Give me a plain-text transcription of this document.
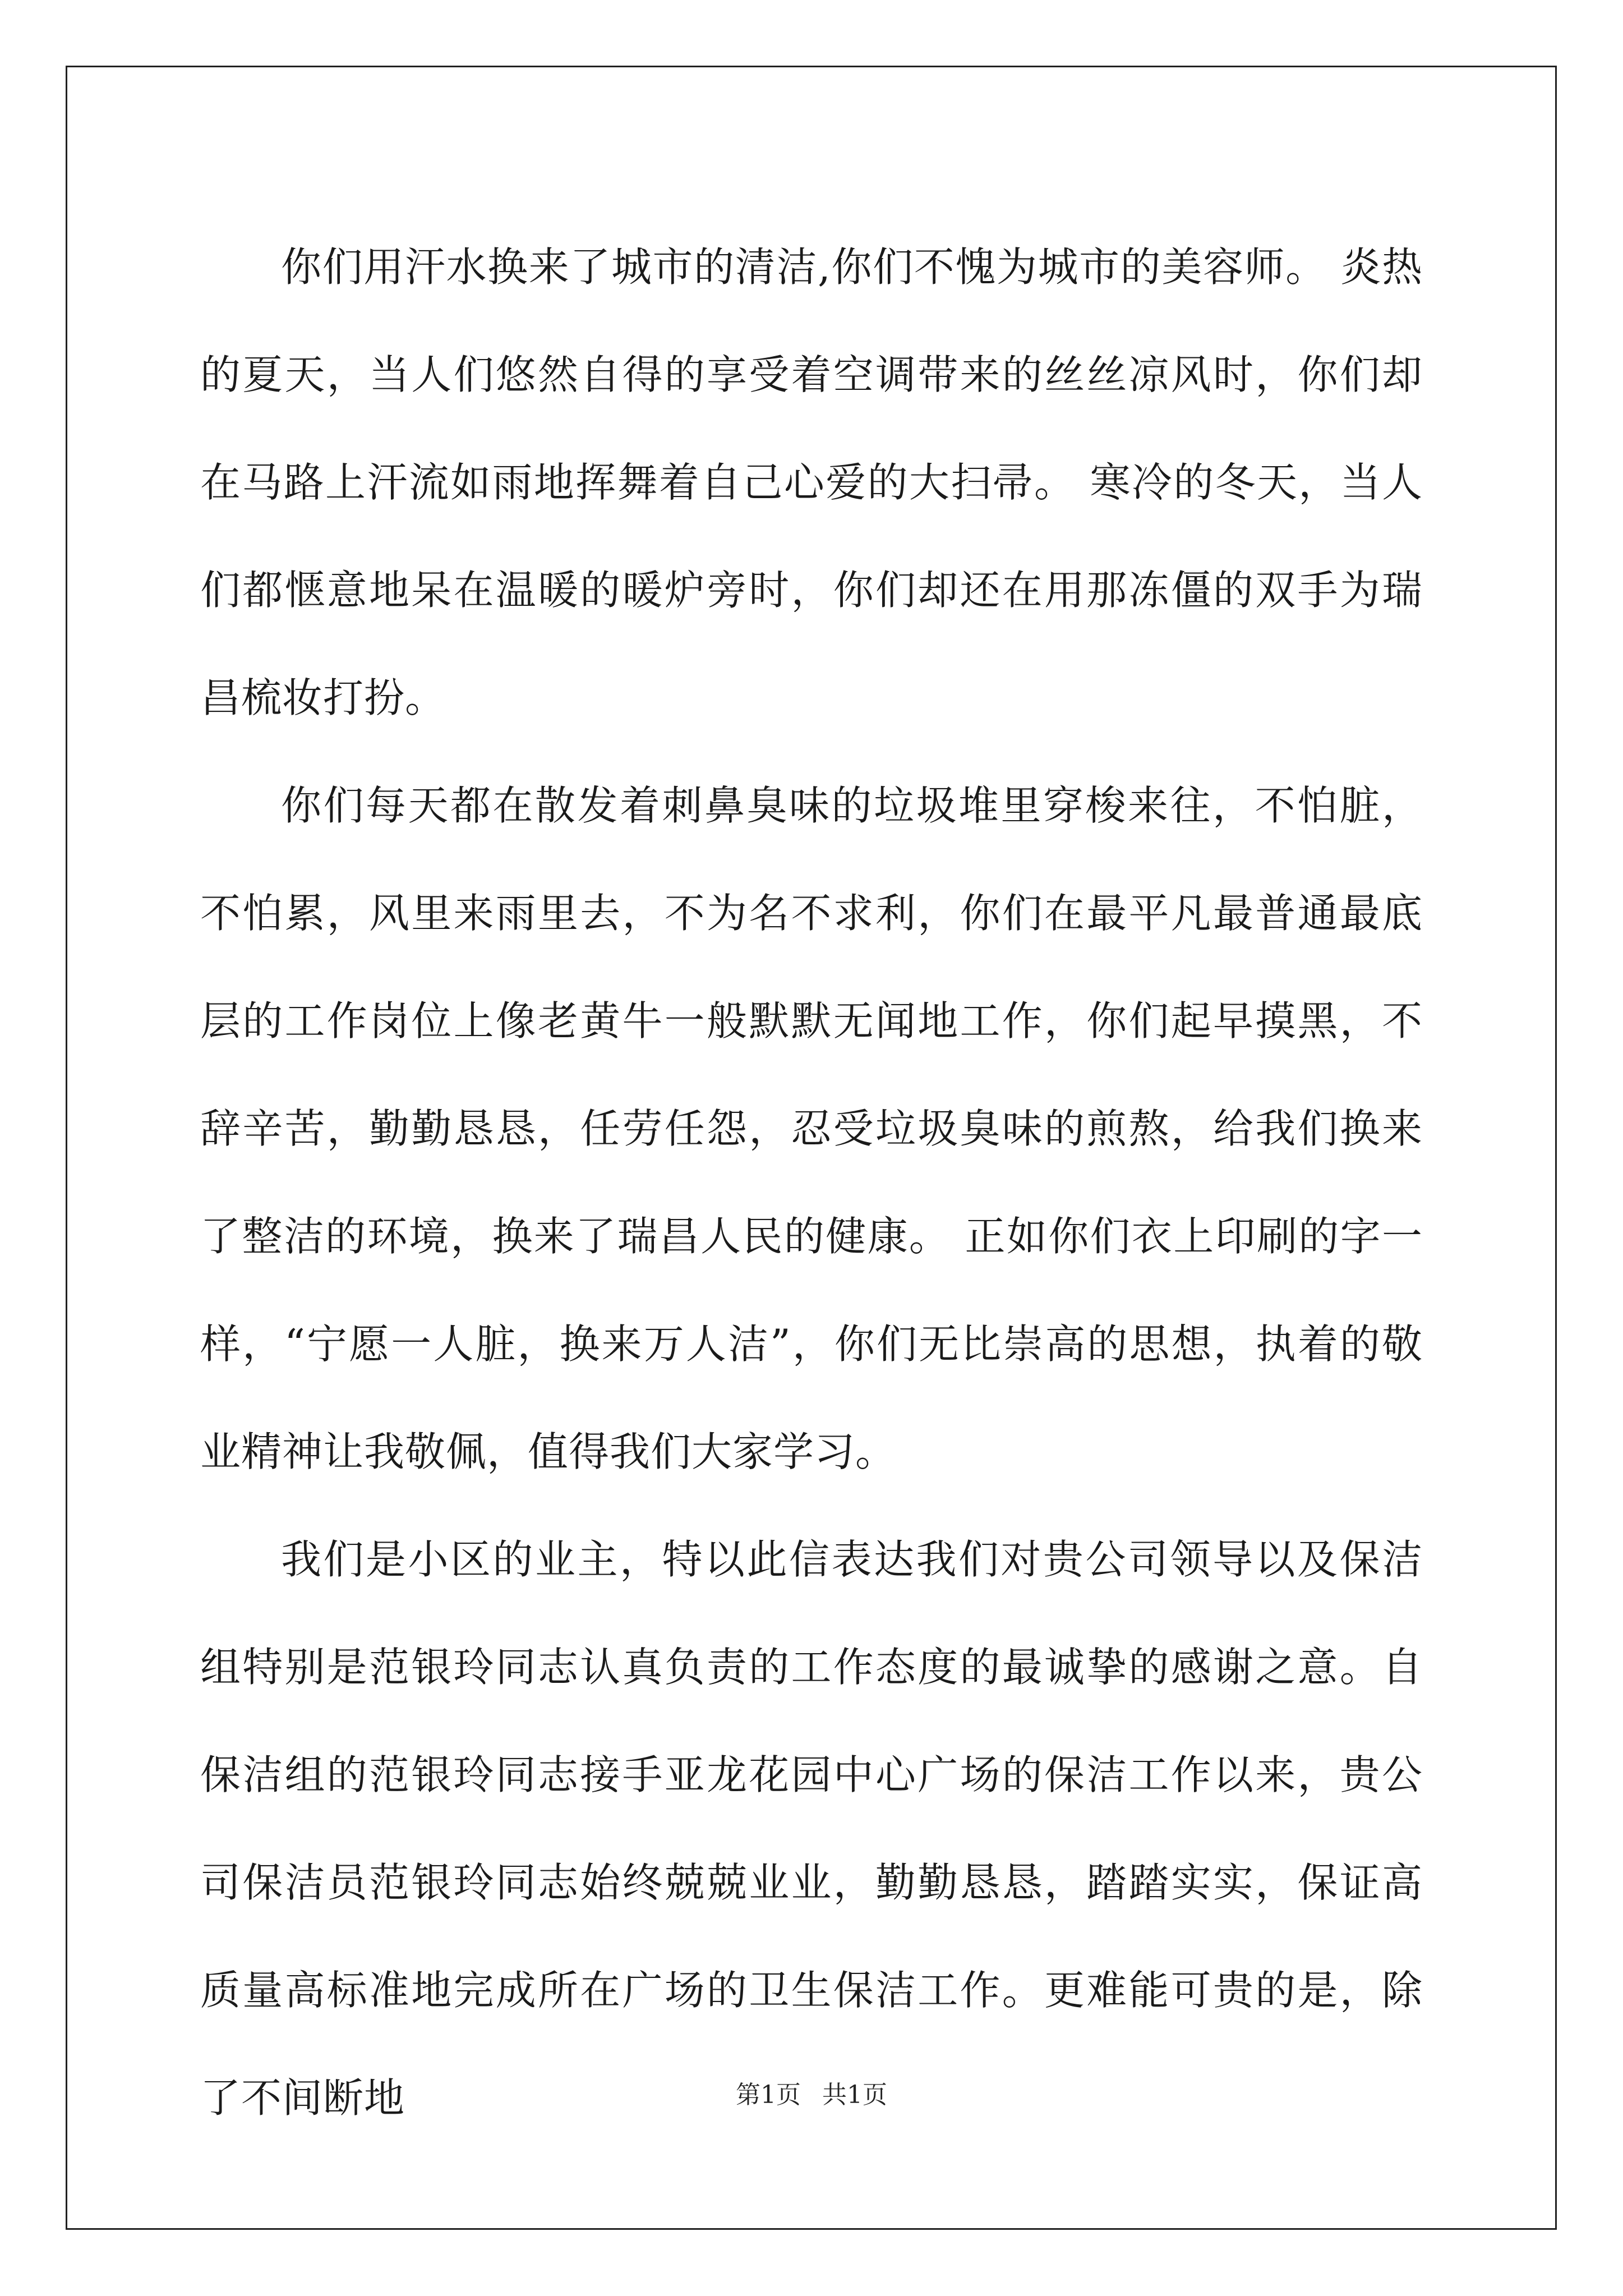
你们用汗水换来了城市的清洁,你们不愧为城市的美容师。 炎热的夏天，当人们悠然自得的享受着空调带来的丝丝凉风时，你们却在马路上汗流如雨地挥舞着自己心爱的大扫帚。 寒冷的冬天，当人们都惬意地呆在温暖的暖炉旁时，你们却还在用那冻僵的双手为瑞昌梳妆打扮。

你们每天都在散发着刺鼻臭味的垃圾堆里穿梭来往，不怕脏，不怕累，风里来雨里去，不为名不求利，你们在最平凡最普通最底层的工作岗位上像老黄牛一般默默无闻地工作，你们起早摸黑，不辞辛苦，勤勤恳恳，任劳任怨，忍受垃圾臭味的煎熬，给我们换来了整洁的环境，换来了瑞昌人民的健康。 正如你们衣上印刷的字一样，“宁愿一人脏，换来万人洁”，你们无比崇高的思想，执着的敬业精神让我敬佩，值得我们大家学习。

我们是小区的业主，特以此信表达我们对贵公司领导以及保洁组特别是范银玲同志认真负责的工作态度的最诚挚的感谢之意。自保洁组的范银玲同志接手亚龙花园中心广场的保洁工作以来，贵公司保洁员范银玲同志始终兢兢业业，勤勤恳恳，踏踏实实，保证高质量高标准地完成所在广场的卫生保洁工作。更难能可贵的是，除了不间断地	第1页 共1页
